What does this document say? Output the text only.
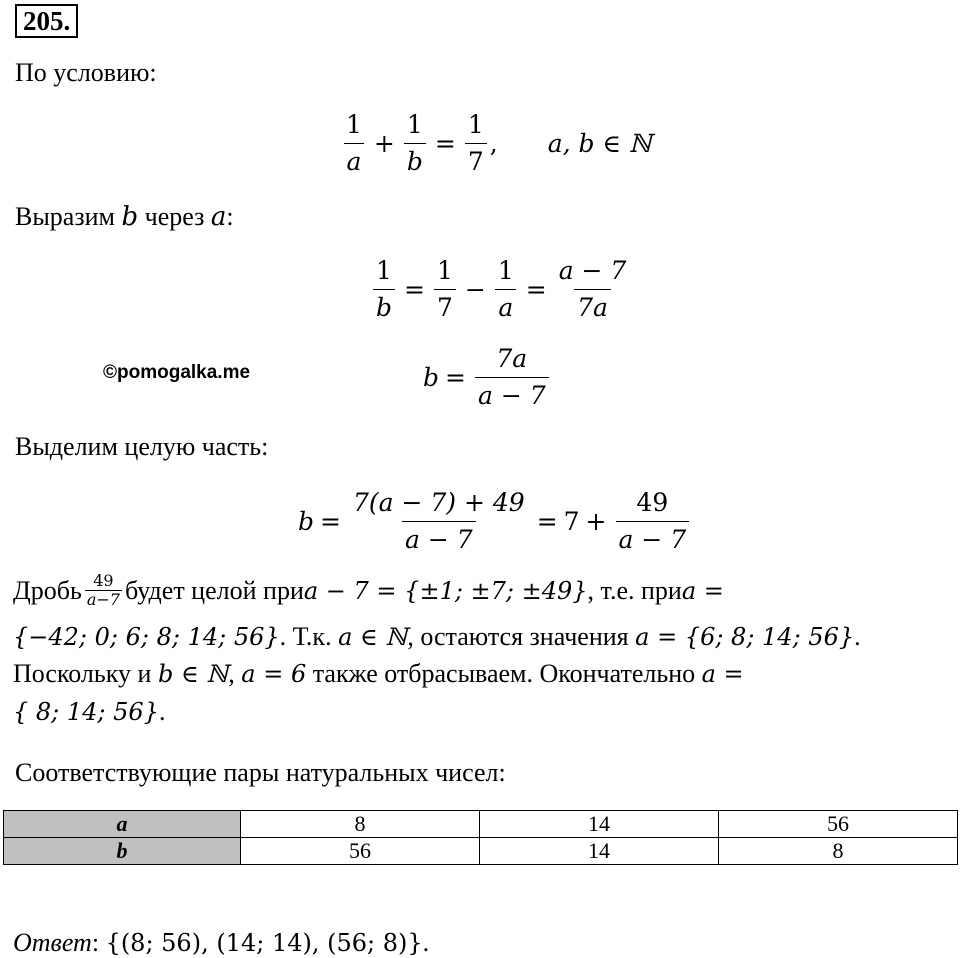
205.
По условию:
$\frac{1}{a} + \frac{1}{b} = \frac{1}{7}$ , a, b ∈ ℕ
Выразим b через a:
$\frac{1}{b} = \frac{1}{7} - \frac{1}{a} = \frac{a - 7}{7a}$
$b = \frac{7a}{a - 7}$
©pomogalka.me
Выделим целую часть:
$b = \frac{7(a - 7) + 49}{a - 7} = 7 + \frac{49}{a - 7}$
Дробь $\frac{49}{a-7}$ будет целой при a − 7 = {±1; ±7; ±49} , т.е. при a =
{−42; 0; 6; 8; 14; 56}. Т.к. a ∈ ℕ, остаются значения a = {6; 8; 14; 56}.
Поскольку и b ∈ ℕ, a = 6 также отбрасываем. Окончательно a =
{ 8; 14; 56}.
Соответствующие пары натуральных чисел:
a	8	14	56
b	56	14	8
Ответ: {(8; 56), (14; 14), (56; 8)}.
